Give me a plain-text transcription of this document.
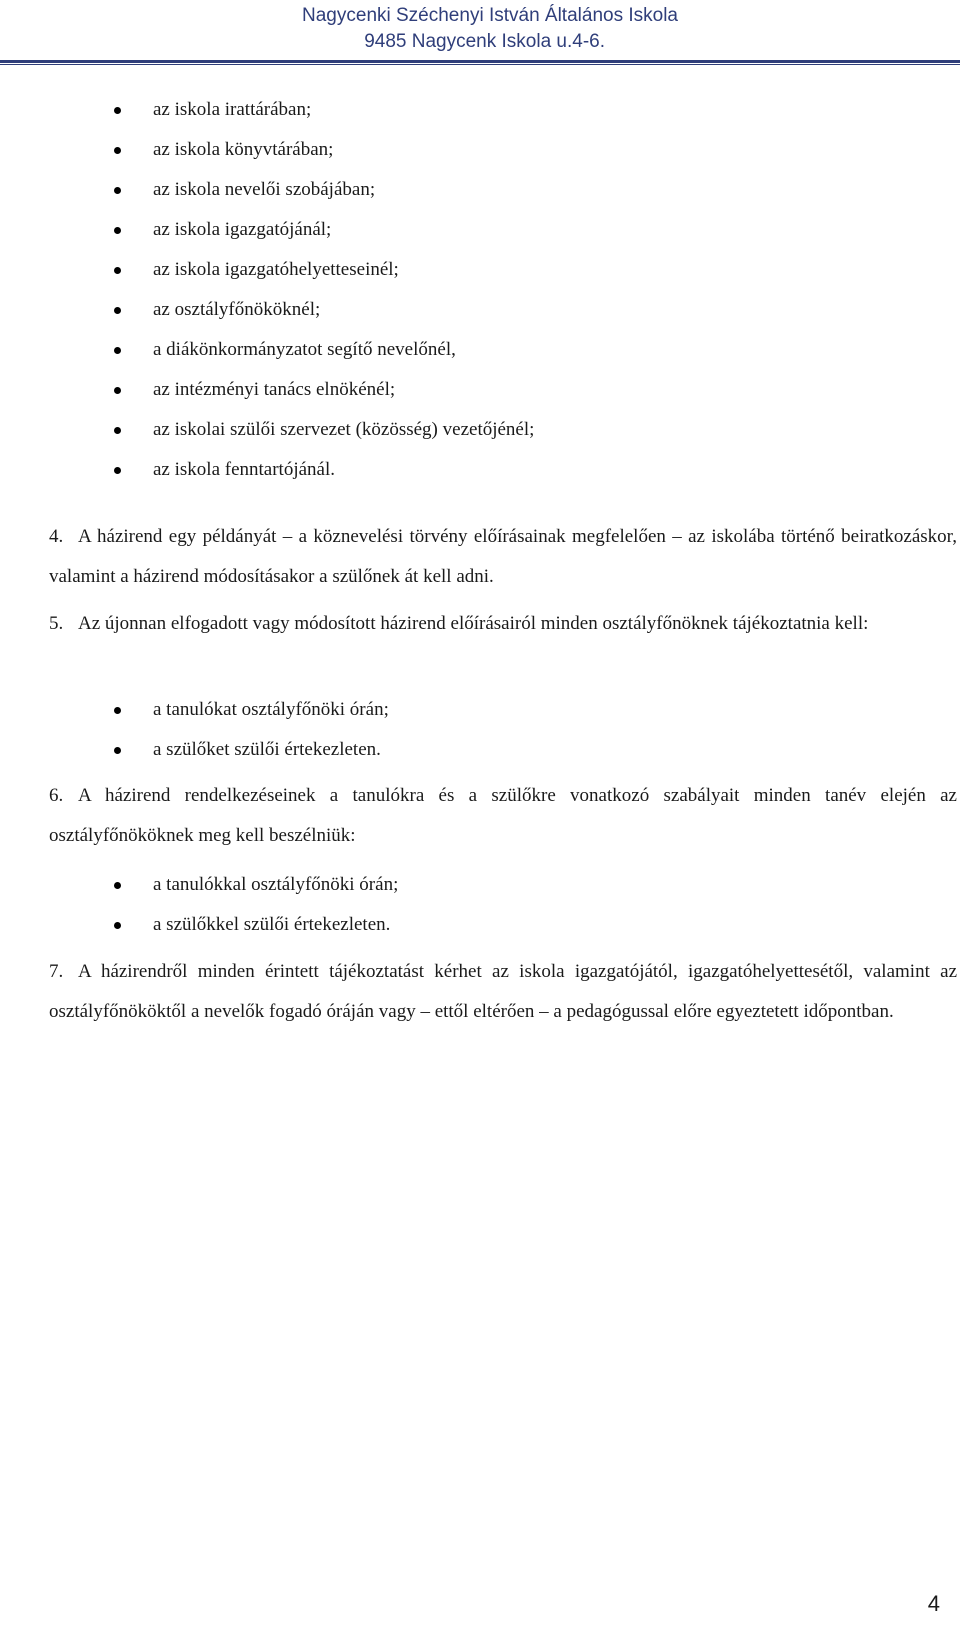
Nagycenki Széchenyi István Általános Iskola
9485 Nagycenk Iskola u.4-6.
az iskola irattárában;
az iskola könyvtárában;
az iskola nevelői szobájában;
az iskola igazgatójánál;
az iskola igazgatóhelyetteseinél;
az osztályfőnököknél;
a diákönkormányzatot segítő nevelőnél,
az intézményi tanács elnökénél;
az iskolai szülői szervezet (közösség) vezetőjénél;
az iskola fenntartójánál.
4. A házirend egy példányát – a köznevelési törvény előírásainak megfelelően – az iskolába történő beiratkozáskor, valamint a házirend módosításakor a szülőnek át kell adni.
5. Az újonnan elfogadott vagy módosított házirend előírásairól minden osztályfőnöknek tájékoztatnia kell:
a tanulókat osztályfőnöki órán;
a szülőket szülői értekezleten.
6. A házirend rendelkezéseinek a tanulókra és a szülőkre vonatkozó szabályait minden tanév elején az osztályfőnököknek meg kell beszélniük:
a tanulókkal osztályfőnöki órán;
a szülőkkel szülői értekezleten.
7. A házirendről minden érintett tájékoztatást kérhet az iskola igazgatójától, igazgatóhelyettesétől, valamint az osztályfőnököktől a nevelők fogadó óráján vagy – ettől eltérően – a pedagógussal előre egyeztetett időpontban.
4
